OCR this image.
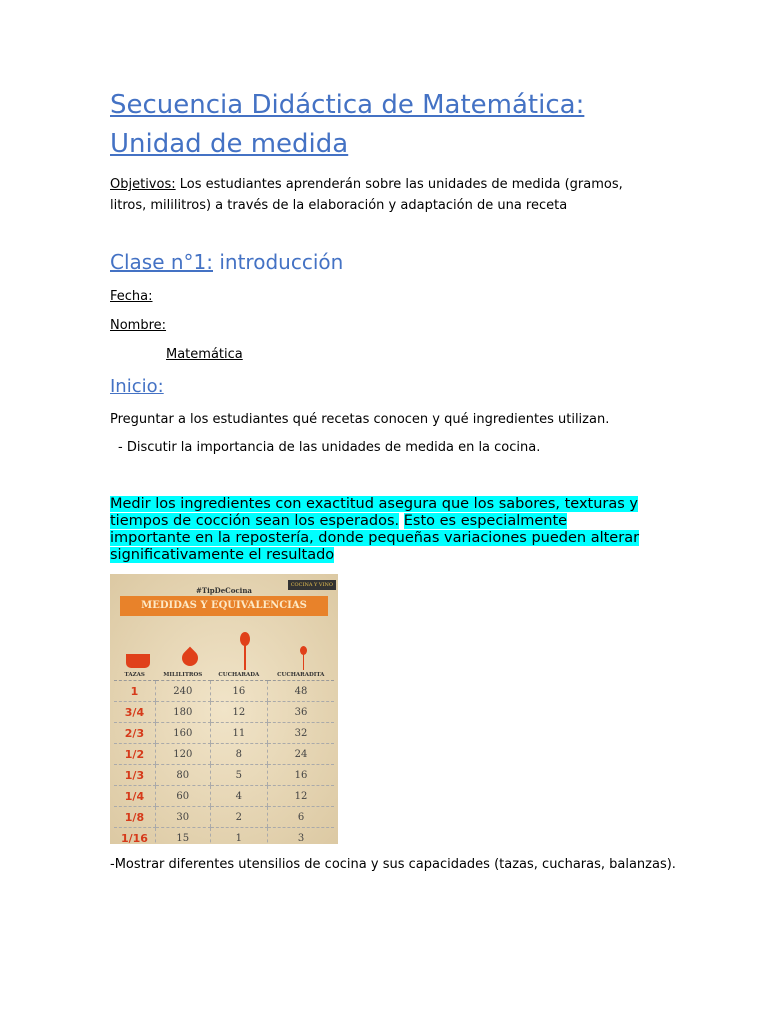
Secuencia Didáctica de Matemática:
Unidad de medida
Objetivos: Los estudiantes aprenderán sobre las unidades de medida (gramos, litros, mililitros) a través de la elaboración y adaptación de una receta
Clase n°1: introducción
Fecha:
Nombre:
Matemática
Inicio:
Preguntar a los estudiantes qué recetas conocen y qué ingredientes utilizan.
- Discutir la importancia de las unidades de medida en la cocina.
Medir los ingredientes con exactitud asegura que los sabores, texturas y tiempos de cocción sean los esperados. Esto es especialmente importante en la repostería, donde pequeñas variaciones pueden alterar significativamente el resultado
COCINA Y VINO
#TipDeCocina
MEDIDAS Y EQUIVALENCIAS
TAZAS	MILILITROS	CUCHARADA	CUCHARADITA
1	240	16	48
3/4	180	12	36
2/3	160	11	32
1/2	120	8	24
1/3	80	5	16
1/4	60	4	12
1/8	30	2	6
1/16	15	1	3
-Mostrar diferentes utensilios de cocina y sus capacidades (tazas, cucharas, balanzas).
